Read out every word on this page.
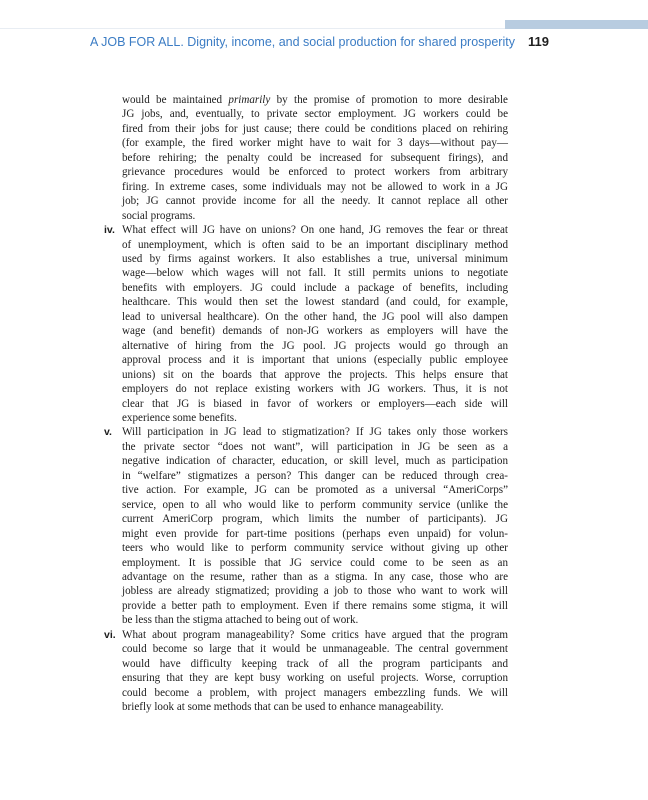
A JOB FOR ALL. Dignity, income, and social production for shared prosperity	119

would be maintained primarily by the promise of promotion to more desirable
JG jobs, and, eventually, to private sector employment. JG workers could be
fired from their jobs for just cause; there could be conditions placed on rehiring
(for example, the fired worker might have to wait for 3 days—without pay—
before rehiring; the penalty could be increased for subsequent firings), and
grievance procedures would be enforced to protect workers from arbitrary
firing. In extreme cases, some individuals may not be allowed to work in a JG
job; JG cannot provide income for all the needy. It cannot replace all other
social programs.

iv. What effect will JG have on unions? On one hand, JG removes the fear or threat
of unemployment, which is often said to be an important disciplinary method
used by firms against workers. It also establishes a true, universal minimum
wage—below which wages will not fall. It still permits unions to negotiate
benefits with employers. JG could include a package of benefits, including
healthcare. This would then set the lowest standard (and could, for example,
lead to universal healthcare). On the other hand, the JG pool will also dampen
wage (and benefit) demands of non-JG workers as employers will have the
alternative of hiring from the JG pool. JG projects would go through an
approval process and it is important that unions (especially public employee
unions) sit on the boards that approve the projects. This helps ensure that
employers do not replace existing workers with JG workers. Thus, it is not
clear that JG is biased in favor of workers or employers—each side will
experience some benefits.

v. Will participation in JG lead to stigmatization? If JG takes only those workers
the private sector “does not want”, will participation in JG be seen as a
negative indication of character, education, or skill level, much as participation
in “welfare” stigmatizes a person? This danger can be reduced through crea-
tive action. For example, JG can be promoted as a universal “AmeriCorps”
service, open to all who would like to perform community service (unlike the
current AmeriCorp program, which limits the number of participants). JG
might even provide for part-time positions (perhaps even unpaid) for volun-
teers who would like to perform community service without giving up other
employment. It is possible that JG service could come to be seen as an
advantage on the resume, rather than as a stigma. In any case, those who are
jobless are already stigmatized; providing a job to those who want to work will
provide a better path to employment. Even if there remains some stigma, it will
be less than the stigma attached to being out of work.

vi. What about program manageability? Some critics have argued that the program
could become so large that it would be unmanageable. The central government
would have difficulty keeping track of all the program participants and
ensuring that they are kept busy working on useful projects. Worse, corruption
could become a problem, with project managers embezzling funds. We will
briefly look at some methods that can be used to enhance manageability.
